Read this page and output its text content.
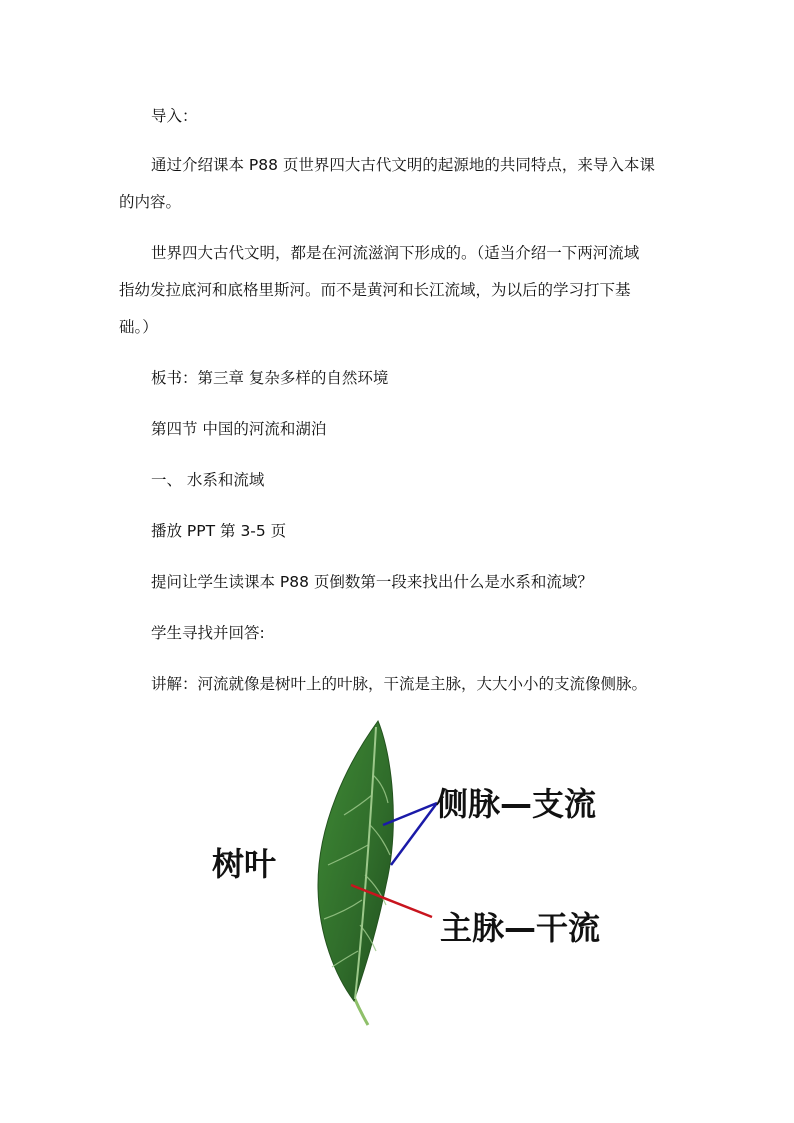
导入：

通过介绍课本 P88 页世界四大古代文明的起源地的共同特点，来导入本课

的内容。

世界四大古代文明，都是在河流滋润下形成的。（适当介绍一下两河流域

指幼发拉底河和底格里斯河。而不是黄河和长江流域，为以后的学习打下基

础。）

板书：第三章 复杂多样的自然环境

第四节 中国的河流和湖泊

一、 水系和流域

播放 PPT 第 3-5 页

提问让学生读课本 P88 页倒数第一段来找出什么是水系和流域？

学生寻找并回答:

讲解：河流就像是树叶上的叶脉，干流是主脉，大大小小的支流像侧脉。

树叶
侧脉—支流
主脉—干流
